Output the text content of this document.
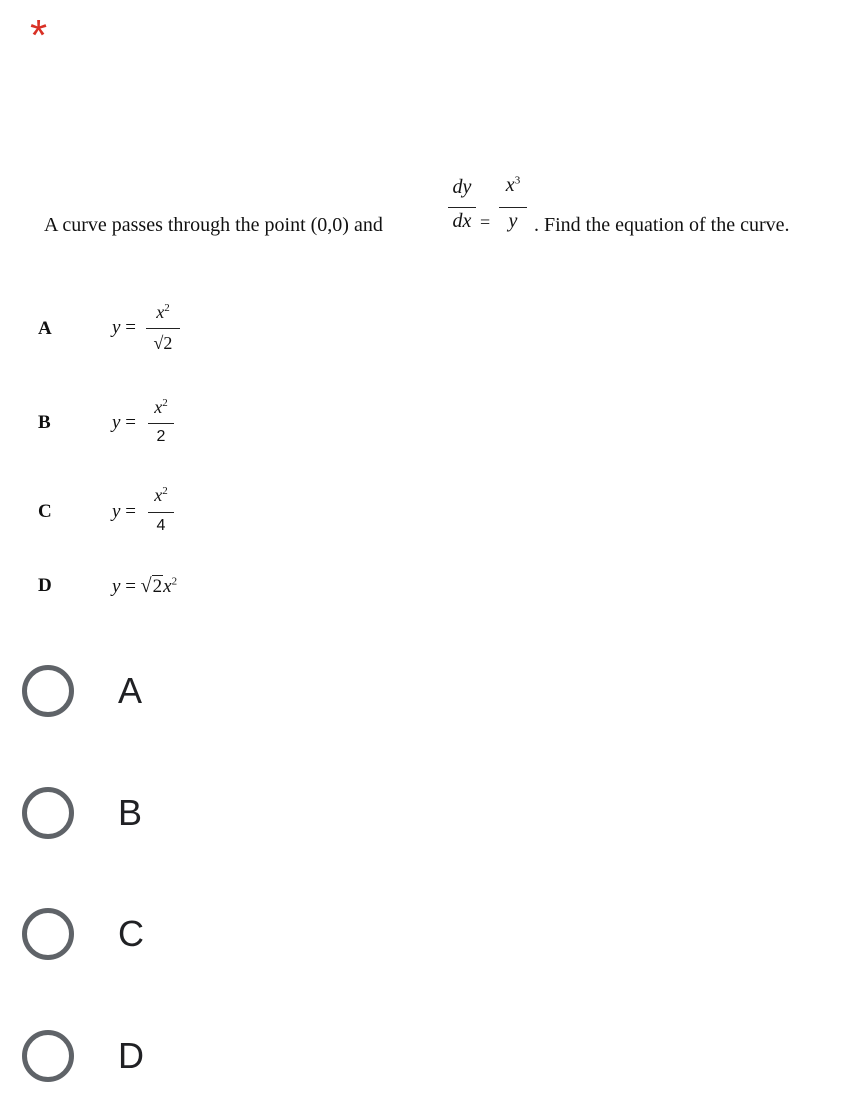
*
A curve passes through the point (0,0) and
dy
dx =
$x^3$
y . Find the equation of the curve.
A	y =
$x^2$
√2
B	y =
$x^2$
2
C	y =
$x^2$
4
D	$y = √2x^2$
A
B
C
D
